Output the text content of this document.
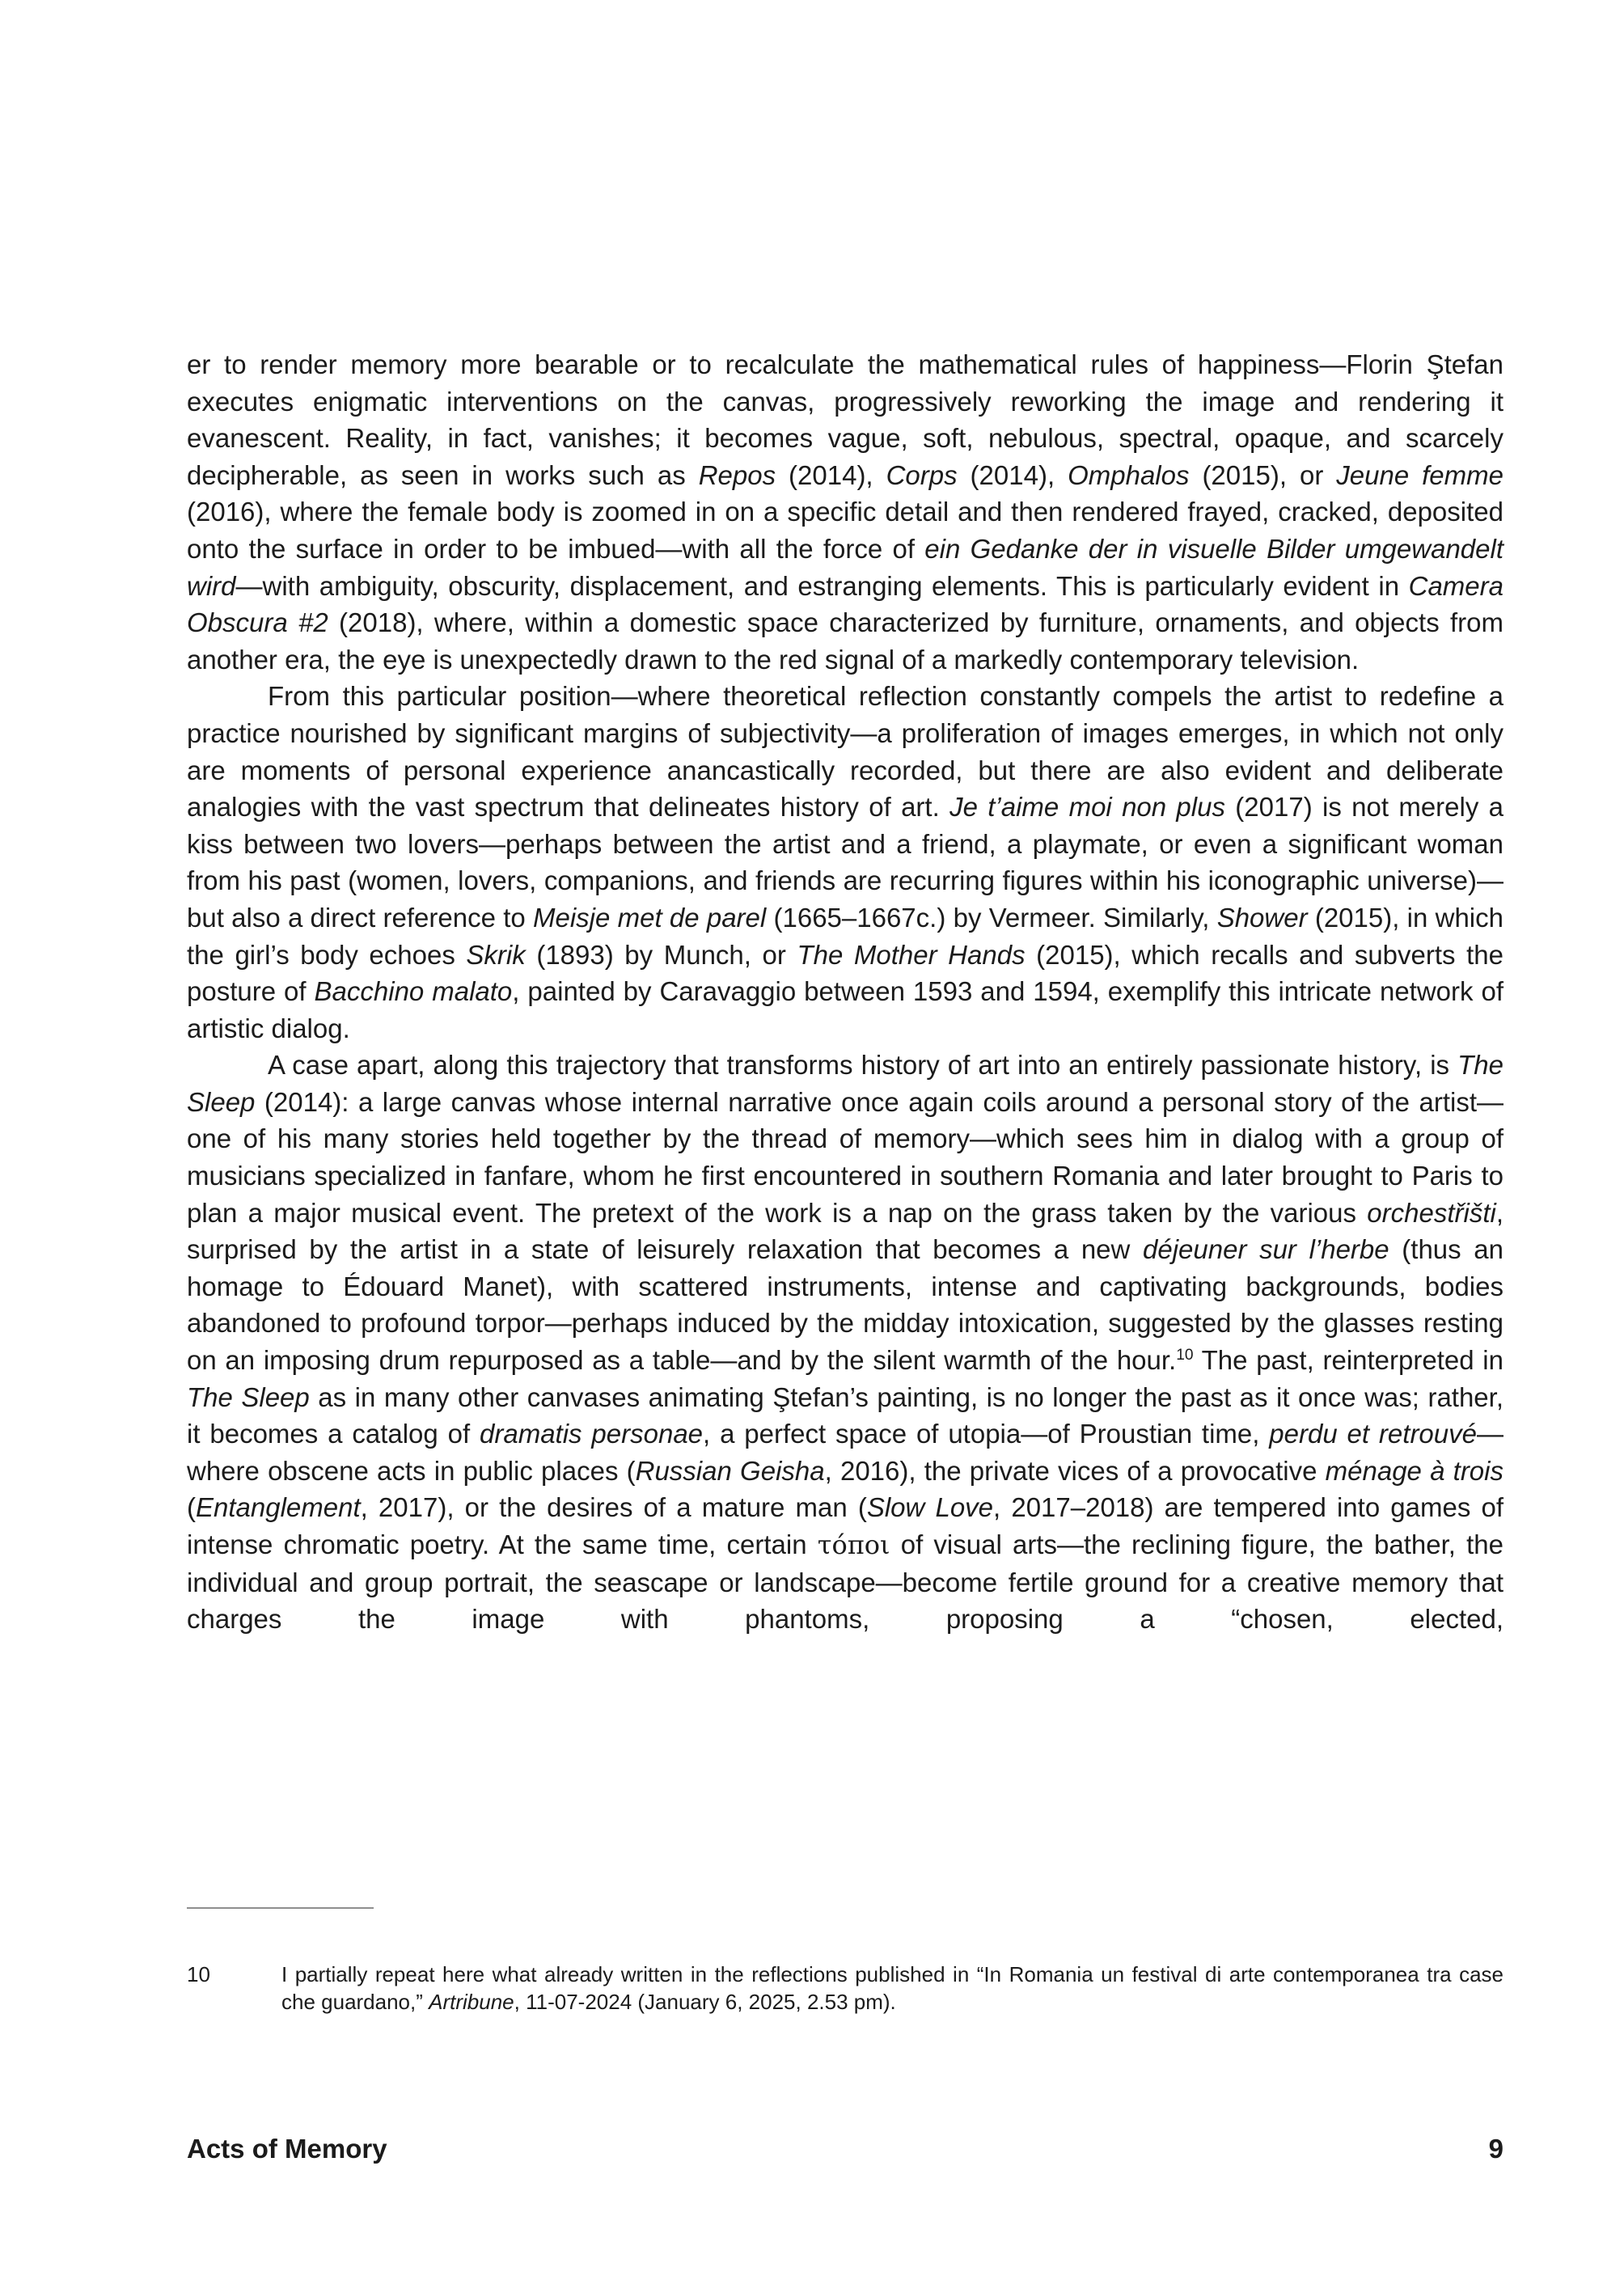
er to render memory more bearable or to recalculate the mathematical rules of happiness—Florin Ştefan executes enigmatic interventions on the canvas, progressively reworking the image and rendering it evanescent. Reality, in fact, vanishes; it becomes vague, soft, nebulous, spectral, opaque, and scarcely decipherable, as seen in works such as Repos (2014), Corps (2014), Omphalos (2015), or Jeune femme (2016), where the female body is zoomed in on a specific detail and then rendered frayed, cracked, deposited onto the surface in order to be imbued—with all the force of ein Gedanke der in visuelle Bilder umgewandelt wird—with ambiguity, obscurity, displacement, and estranging elements. This is particularly evident in Camera Obscura #2 (2018), where, within a domestic space characterized by furniture, ornaments, and objects from another era, the eye is unexpectedly drawn to the red signal of a markedly contemporary television.

From this particular position—where theoretical reflection constantly compels the artist to redefine a practice nourished by significant margins of subjectivity—a proliferation of images emerges, in which not only are moments of personal experience anancastically recorded, but there are also evident and deliberate analogies with the vast spectrum that delineates history of art. Je t’aime moi non plus (2017) is not merely a kiss between two lovers—perhaps between the artist and a friend, a playmate, or even a significant woman from his past (women, lovers, companions, and friends are recurring figures within his iconographic universe)—but also a direct reference to Meisje met de parel (1665–1667c.) by Vermeer. Similarly, Shower (2015), in which the girl’s body echoes Skrik (1893) by Munch, or The Mother Hands (2015), which recalls and subverts the posture of Bacchino malato, painted by Caravaggio between 1593 and 1594, exemplify this intricate network of artistic dialog.

A case apart, along this trajectory that transforms history of art into an entirely passionate history, is The Sleep (2014): a large canvas whose internal narrative once again coils around a personal story of the artist—one of his many stories held together by the thread of memory—which sees him in dialog with a group of musicians specialized in fanfare, whom he first encountered in southern Romania and later brought to Paris to plan a major musical event. The pretext of the work is a nap on the grass taken by the various orchestřišti, surprised by the artist in a state of leisurely relaxation that becomes a new déjeuner sur l’herbe (thus an homage to Édouard Manet), with scattered instruments, intense and captivating backgrounds, bodies abandoned to profound torpor—perhaps induced by the midday intoxication, suggested by the glasses resting on an imposing drum repurposed as a table—and by the silent warmth of the hour.$^{10}$ The past, reinterpreted in The Sleep as in many other canvases animating Ştefan’s painting, is no longer the past as it once was; rather, it becomes a catalog of dramatis personae, a perfect space of utopia—of Proustian time, perdu et retrouvé—where obscene acts in public places (Russian Geisha, 2016), the private vices of a provocative ménage à trois (Entanglement, 2017), or the desires of a mature man (Slow Love, 2017–2018) are tempered into games of intense chromatic poetry. At the same time, certain τόποι of visual arts—the reclining figure, the bather, the individual and group portrait, the seascape or landscape—become fertile ground for a creative memory that charges the image with phantoms, proposing a “chosen, elected,

10	I partially repeat here what already written in the reflections published in “In Romania un festival di arte contemporanea tra case che guardano,” Artribune, 11-07-2024 (January 6, 2025, 2.53 pm).
Acts of Memory	9
